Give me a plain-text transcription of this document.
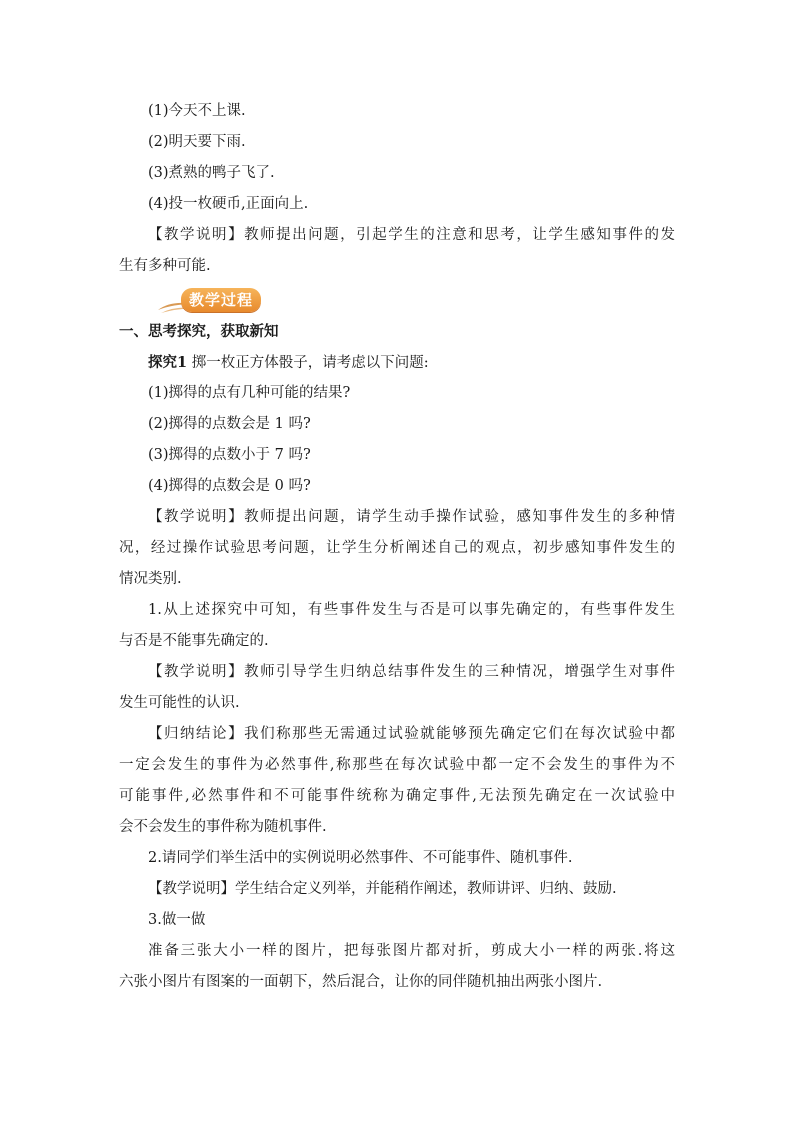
(1)今天不上课.
(2)明天要下雨.
(3)煮熟的鸭子飞了.
(4)投一枚硬币,正面向上.
【教学说明】教师提出问题，引起学生的注意和思考，让学生感知事件的发
生有多种可能.
教学过程
一、思考探究，获取新知
探究1 掷一枚正方体骰子，请考虑以下问题:
(1)掷得的点有几种可能的结果?
(2)掷得的点数会是 1 吗?
(3)掷得的点数小于 7 吗?
(4)掷得的点数会是 0 吗?
【教学说明】教师提出问题，请学生动手操作试验，感知事件发生的多种情
况，经过操作试验思考问题，让学生分析阐述自己的观点，初步感知事件发生的
情况类别.
1.从上述探究中可知，有些事件发生与否是可以事先确定的，有些事件发生
与否是不能事先确定的.
【教学说明】教师引导学生归纳总结事件发生的三种情况，增强学生对事件
发生可能性的认识.
【归纳结论】我们称那些无需通过试验就能够预先确定它们在每次试验中都
一定会发生的事件为必然事件,称那些在每次试验中都一定不会发生的事件为不
可能事件,必然事件和不可能事件统称为确定事件,无法预先确定在一次试验中
会不会发生的事件称为随机事件.
2.请同学们举生活中的实例说明必然事件、不可能事件、随机事件.
【教学说明】学生结合定义列举，并能稍作阐述，教师讲评、归纳、鼓励.
3.做一做
准备三张大小一样的图片，把每张图片都对折，剪成大小一样的两张.将这
六张小图片有图案的一面朝下，然后混合，让你的同伴随机抽出两张小图片.
